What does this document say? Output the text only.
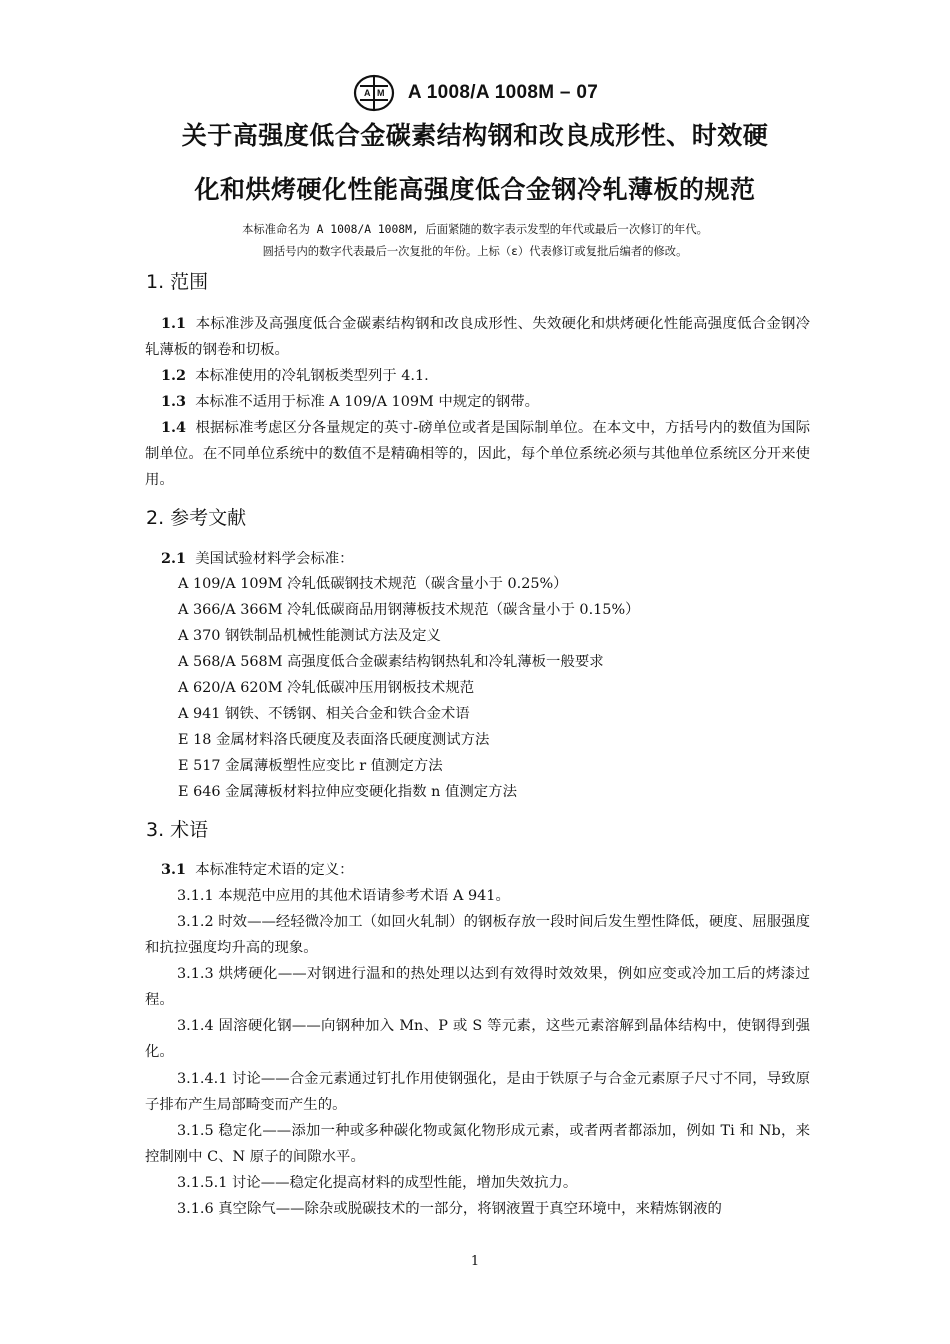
A M A 1008/A 1008M – 07
关于高强度低合金碳素结构钢和改良成形性、时效硬
化和烘烤硬化性能高强度低合金钢冷轧薄板的规范
本标准命名为 A 1008/A 1008M, 后面紧随的数字表示发型的年代或最后一次修订的年代。
圆括号内的数字代表最后一次复批的年份。上标（ε）代表修订或复批后编者的修改。
1. 范围
1.1 本标准涉及高强度低合金碳素结构钢和改良成形性、失效硬化和烘烤硬化性能高强度低合金钢冷轧薄板的钢卷和切板。
1.2 本标准使用的冷轧钢板类型列于 4.1.
1.3 本标准不适用于标准 A 109/A 109M 中规定的钢带。
1.4 根据标准考虑区分各量规定的英寸-磅单位或者是国际制单位。在本文中，方括号内的数值为国际制单位。在不同单位系统中的数值不是精确相等的，因此，每个单位系统必须与其他单位系统区分开来使用。
2. 参考文献
2.1 美国试验材料学会标准：
A 109/A 109M 冷轧低碳钢技术规范（碳含量小于 0.25%）
A 366/A 366M 冷轧低碳商品用钢薄板技术规范（碳含量小于 0.15%）
A 370 钢铁制品机械性能测试方法及定义
A 568/A 568M 高强度低合金碳素结构钢热轧和冷轧薄板一般要求
A 620/A 620M 冷轧低碳冲压用钢板技术规范
A 941 钢铁、不锈钢、相关合金和铁合金术语
E 18 金属材料洛氏硬度及表面洛氏硬度测试方法
E 517 金属薄板塑性应变比 r 值测定方法
E 646 金属薄板材料拉伸应变硬化指数 n 值测定方法
3. 术语
3.1 本标准特定术语的定义：
3.1.1 本规范中应用的其他术语请参考术语 A 941。
3.1.2 时效——经轻微冷加工（如回火轧制）的钢板存放一段时间后发生塑性降低，硬度、屈服强度和抗拉强度均升高的现象。
3.1.3 烘烤硬化——对钢进行温和的热处理以达到有效得时效效果，例如应变或冷加工后的烤漆过程。
3.1.4 固溶硬化钢——向钢种加入 Mn、P 或 S 等元素，这些元素溶解到晶体结构中，使钢得到强化。
3.1.4.1 讨论——合金元素通过钉扎作用使钢强化，是由于铁原子与合金元素原子尺寸不同，导致原子排布产生局部畸变而产生的。
3.1.5 稳定化——添加一种或多种碳化物或氮化物形成元素，或者两者都添加，例如 Ti 和 Nb，来控制刚中 C、N 原子的间隙水平。
3.1.5.1 讨论——稳定化提高材料的成型性能，增加失效抗力。
3.1.6 真空除气——除杂或脱碳技术的一部分，将钢液置于真空环境中，来精炼钢液的
1
